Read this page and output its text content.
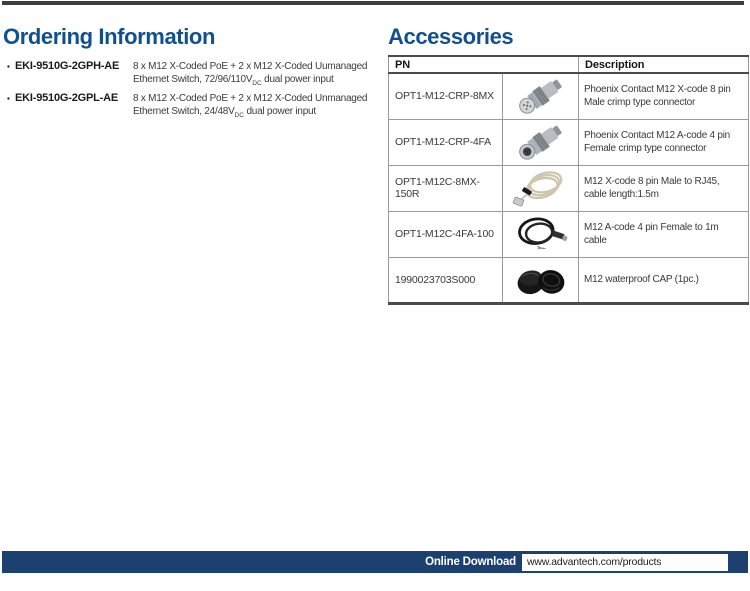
Ordering Information
▪ EKI-9510G-2GPH-AE	8 x M12 X-Coded PoE + 2 x M12 X-Coded Uumanaged
Ethernet Switch, $72/96/110V_{DC}$ dual power input
▪ EKI-9510G-2GPL-AE	8 x M12 X-Coded PoE + 2 x M12 X-Coded Unmanaged
Ethernet Switch, $24/48V_{DC}$ dual power input
Accessories
PN		Description
OPT1-M12-CRP-8MX		Phoenix Contact M12 X-code 8 pin
Male crimp type connector

OPT1-M12-CRP-4FA		Phoenix Contact M12 A-code 4 pin
Female crimp type connector

OPT1-M12C-8MX-150R		M12 X-code 8 pin Male to RJ45,
cable length:1.5m

OPT1-M12C-4FA-100		M12 A-code 4 pin Female to 1m
cable

1990023703S000		M12 waterproof CAP (1pc.)
Online Download	www.advantech.com/products
